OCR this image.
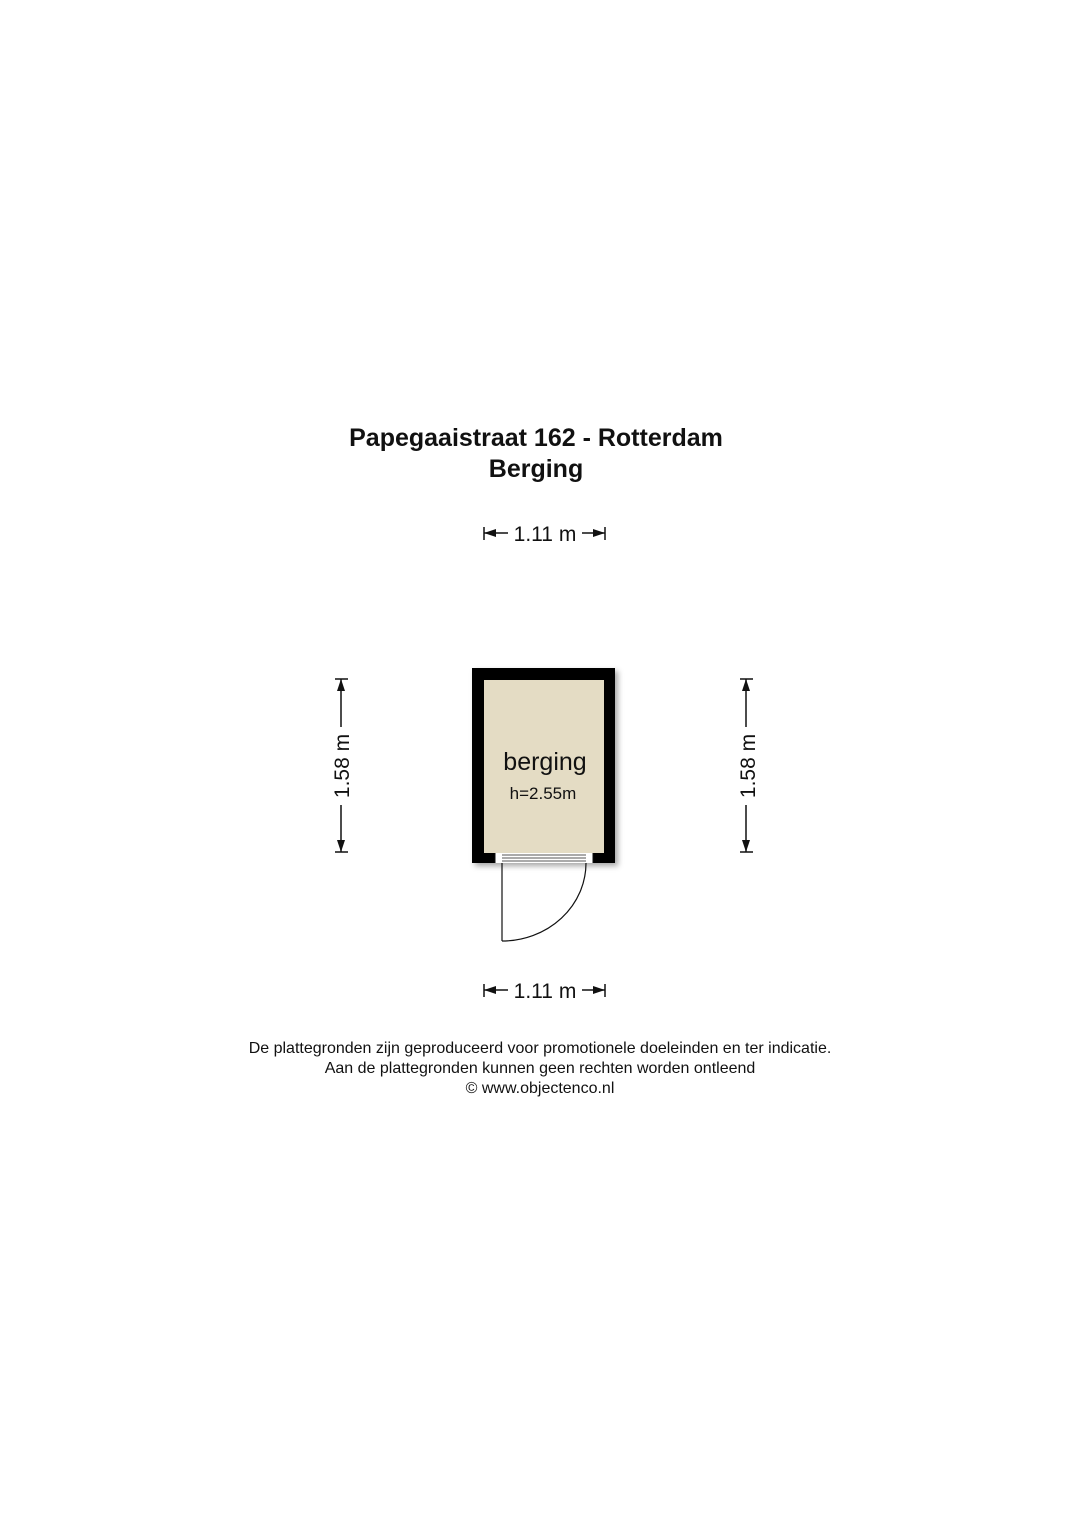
Papegaaistraat 162 - Rotterdam
Berging
1.11 m
1.58 m	1.58 m
berging
h=2.55m
1.11 m
De plattegronden zijn geproduceerd voor promotionele doeleinden en ter indicatie.
Aan de plattegronden kunnen geen rechten worden ontleend
© www.objectenco.nl
